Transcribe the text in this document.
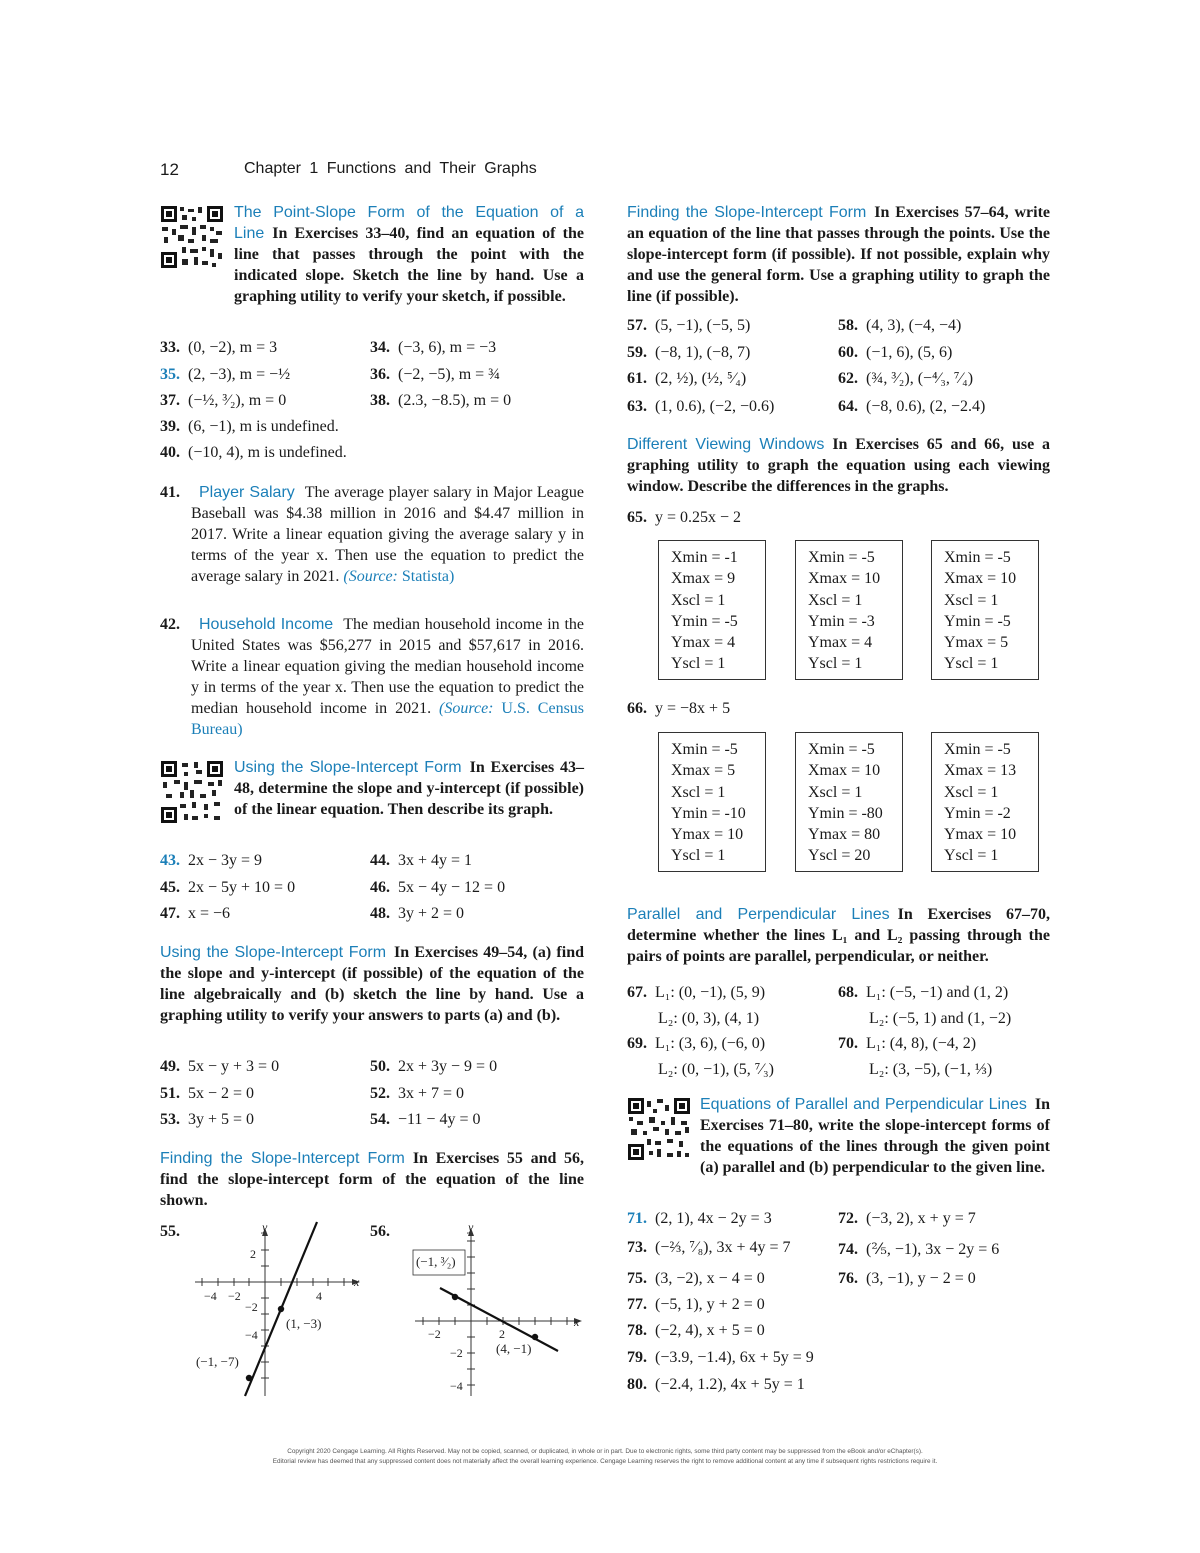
12	Chapter 1 Functions and Their Graphs
The Point-Slope Form of the Equation of a Line In Exercises 33–40, find an equation of the line that passes through the point with the indicated slope. Sketch the line by hand. Use a graphing utility to verify your sketch, if possible.
33. (0, −2), m = 3	34. (−3, 6), m = −3
35. (2, −3), m = −½	36. (−2, −5), m = ¾
37. (−½, ³⁄₂), m = 0	38. (2.3, −8.5), m = 0
39. (6, −1), m is undefined.
40. (−10, 4), m is undefined.
41.	Player Salary The average player salary in Major League Baseball was $4.38 million in 2016 and $4.47 million in 2017. Write a linear equation giving the average salary y in terms of the year x. Then use the equation to predict the average salary in 2021. (Source: Statista)
42.	Household Income The median household income in the United States was $56,277 in 2015 and $57,617 in 2016. Write a linear equation giving the median household income y in terms of the year x. Then use the equation to predict the median household income in 2021. (Source: U.S. Census Bureau)
Using the Slope-Intercept Form In Exercises 43–48, determine the slope and y-intercept (if possible) of the linear equation. Then describe its graph.
43. 2x − 3y = 9	44. 3x + 4y = 1
45. 2x − 5y + 10 = 0	46. 5x − 4y − 12 = 0
47. x = −6	48. 3y + 2 = 0
Using the Slope-Intercept Form In Exercises 49–54, (a) find the slope and y-intercept (if possible) of the equation of the line algebraically and (b) sketch the line by hand. Use a graphing utility to verify your answers to parts (a) and (b).
49. 5x − y + 3 = 0	50. 2x + 3y − 9 = 0
51. 5x − 2 = 0	52. 3x + 7 = 0
53. 3y + 5 = 0	54. −11 − 4y = 0
Finding the Slope-Intercept Form In Exercises 55 and 56, find the slope-intercept form of the equation of the line shown.
55.	y
x
−4 −2	4
2
−2
−4
(1, −3)
(−1, −7)
56.	y
x
−2	2
−2
−4
(−1, ³⁄₂)
(4, −1)
Finding the Slope-Intercept Form In Exercises 57–64, write an equation of the line that passes through the points. Use the slope-intercept form (if possible). If not possible, explain why and use the general form. Use a graphing utility to graph the line (if possible).
57. (5, −1), (−5, 5)	58. (4, 3), (−4, −4)
59. (−8, 1), (−8, 7)	60. (−1, 6), (5, 6)
61. (2, ½), (½, ⁵⁄₄)	62. (¾, ³⁄₂), (−⁴⁄₃, ⁷⁄₄)
63. (1, 0.6), (−2, −0.6)	64. (−8, 0.6), (2, −2.4)
Different Viewing Windows In Exercises 65 and 66, use a graphing utility to graph the equation using each viewing window. Describe the differences in the graphs.
65. y = 0.25x − 2
Xmin = -1
Xmax = 9
Xscl = 1
Ymin = -5
Ymax = 4
Yscl = 1
Xmin = -5
Xmax = 10
Xscl = 1
Ymin = -3
Ymax = 4
Yscl = 1
Xmin = -5
Xmax = 10
Xscl = 1
Ymin = -5
Ymax = 5
Yscl = 1
66. y = −8x + 5
Xmin = -5
Xmax = 5
Xscl = 1
Ymin = -10
Ymax = 10
Yscl = 1
Xmin = -5
Xmax = 10
Xscl = 1
Ymin = -80
Ymax = 80
Yscl = 20
Xmin = -5
Xmax = 13
Xscl = 1
Ymin = -2
Ymax = 10
Yscl = 1
Parallel and Perpendicular Lines In Exercises 67–70, determine whether the lines L₁ and L₂ passing through the pairs of points are parallel, perpendicular, or neither.
67. L₁: (0, −1), (5, 9)
L₂: (0, 3), (4, 1)
68. L₁: (−5, −1) and (1, 2)
L₂: (−5, 1) and (1, −2)
69. L₁: (3, 6), (−6, 0)
L₂: (0, −1), (5, ⁷⁄₃)
70. L₁: (4, 8), (−4, 2)
L₂: (3, −5), (−1, ⅓)
Equations of Parallel and Perpendicular Lines In Exercises 71–80, write the slope-intercept forms of the equations of the lines through the given point (a) parallel and (b) perpendicular to the given line.
71. (2, 1), 4x − 2y = 3	72. (−3, 2), x + y = 7
73. (−⅔, ⁷⁄₈), 3x + 4y = 7	74. (⅖, −1), 3x − 2y = 6
75. (3, −2), x − 4 = 0	76. (3, −1), y − 2 = 0
77. (−5, 1), y + 2 = 0
78. (−2, 4), x + 5 = 0
79. (−3.9, −1.4), 6x + 5y = 9
80. (−2.4, 1.2), 4x + 5y = 1
Copyright 2020 Cengage Learning. All Rights Reserved. May not be copied, scanned, or duplicated, in whole or in part. Due to electronic rights, some third party content may be suppressed from the eBook and/or eChapter(s).
Editorial review has deemed that any suppressed content does not materially affect the overall learning experience. Cengage Learning reserves the right to remove additional content at any time if subsequent rights restrictions require it.
